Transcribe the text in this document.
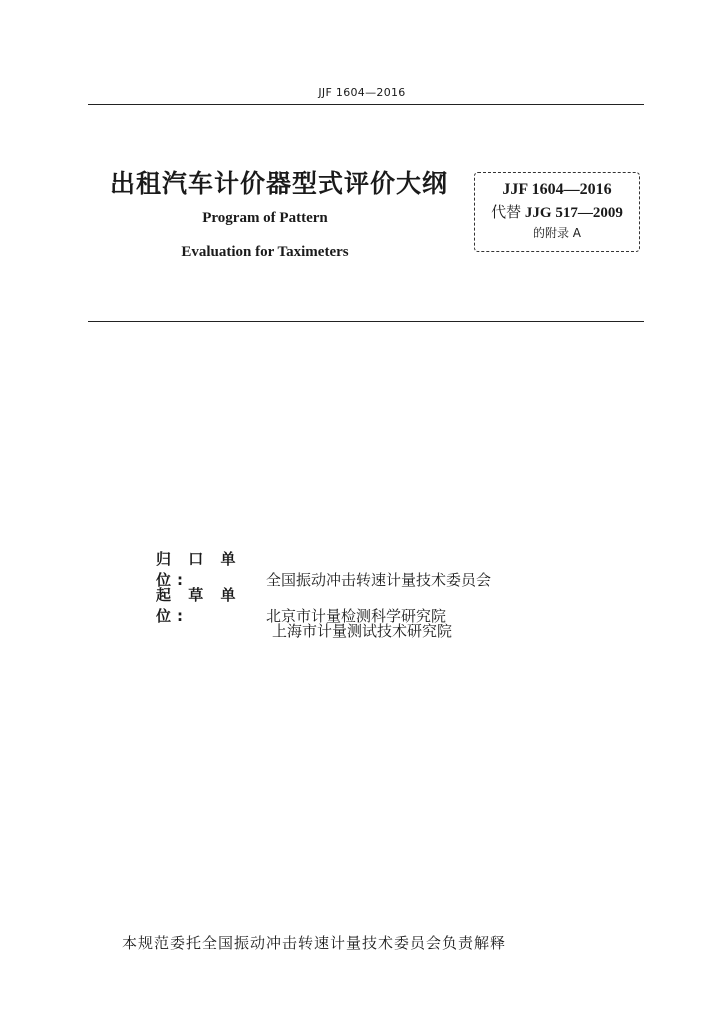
JJF 1604—2016
出租汽车计价器型式评价大纲
Program of Pattern
Evaluation for Taximeters
JJF 1604—2016
代替 JJG 517—2009
的附录 A
归 口 单 位:	全国振动冲击转速计量技术委员会
起 草 单 位:	北京市计量检测科学研究院
上海市计量测试技术研究院
本规范委托全国振动冲击转速计量技术委员会负责解释
